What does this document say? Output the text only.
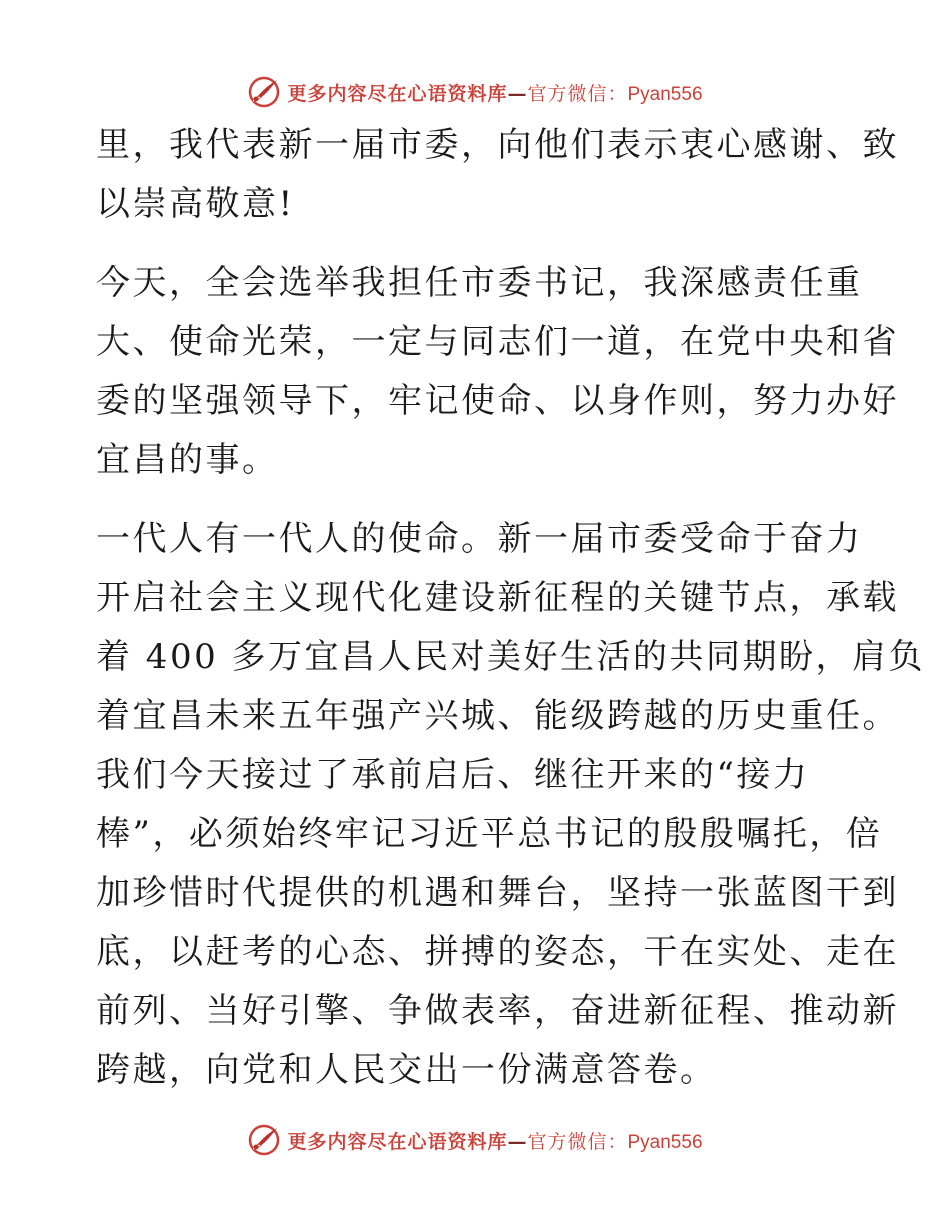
更多内容尽在心语资料库—官方微信：Pyan556

里，我代表新一届市委，向他们表示衷心感谢、致
以崇高敬意!

今天，全会选举我担任市委书记，我深感责任重
大、使命光荣，一定与同志们一道，在党中央和省
委的坚强领导下，牢记使命、以身作则，努力办好
宜昌的事。

一代人有一代人的使命。新一届市委受命于奋力
开启社会主义现代化建设新征程的关键节点，承载
着 400 多万宜昌人民对美好生活的共同期盼，肩负
着宜昌未来五年强产兴城、能级跨越的历史重任。
我们今天接过了承前启后、继往开来的“接力
棒”，必须始终牢记习近平总书记的殷殷嘱托，倍
加珍惜时代提供的机遇和舞台，坚持一张蓝图干到
底，以赶考的心态、拼搏的姿态，干在实处、走在
前列、当好引擎、争做表率，奋进新征程、推动新
跨越，向党和人民交出一份满意答卷。

更多内容尽在心语资料库—官方微信：Pyan556
